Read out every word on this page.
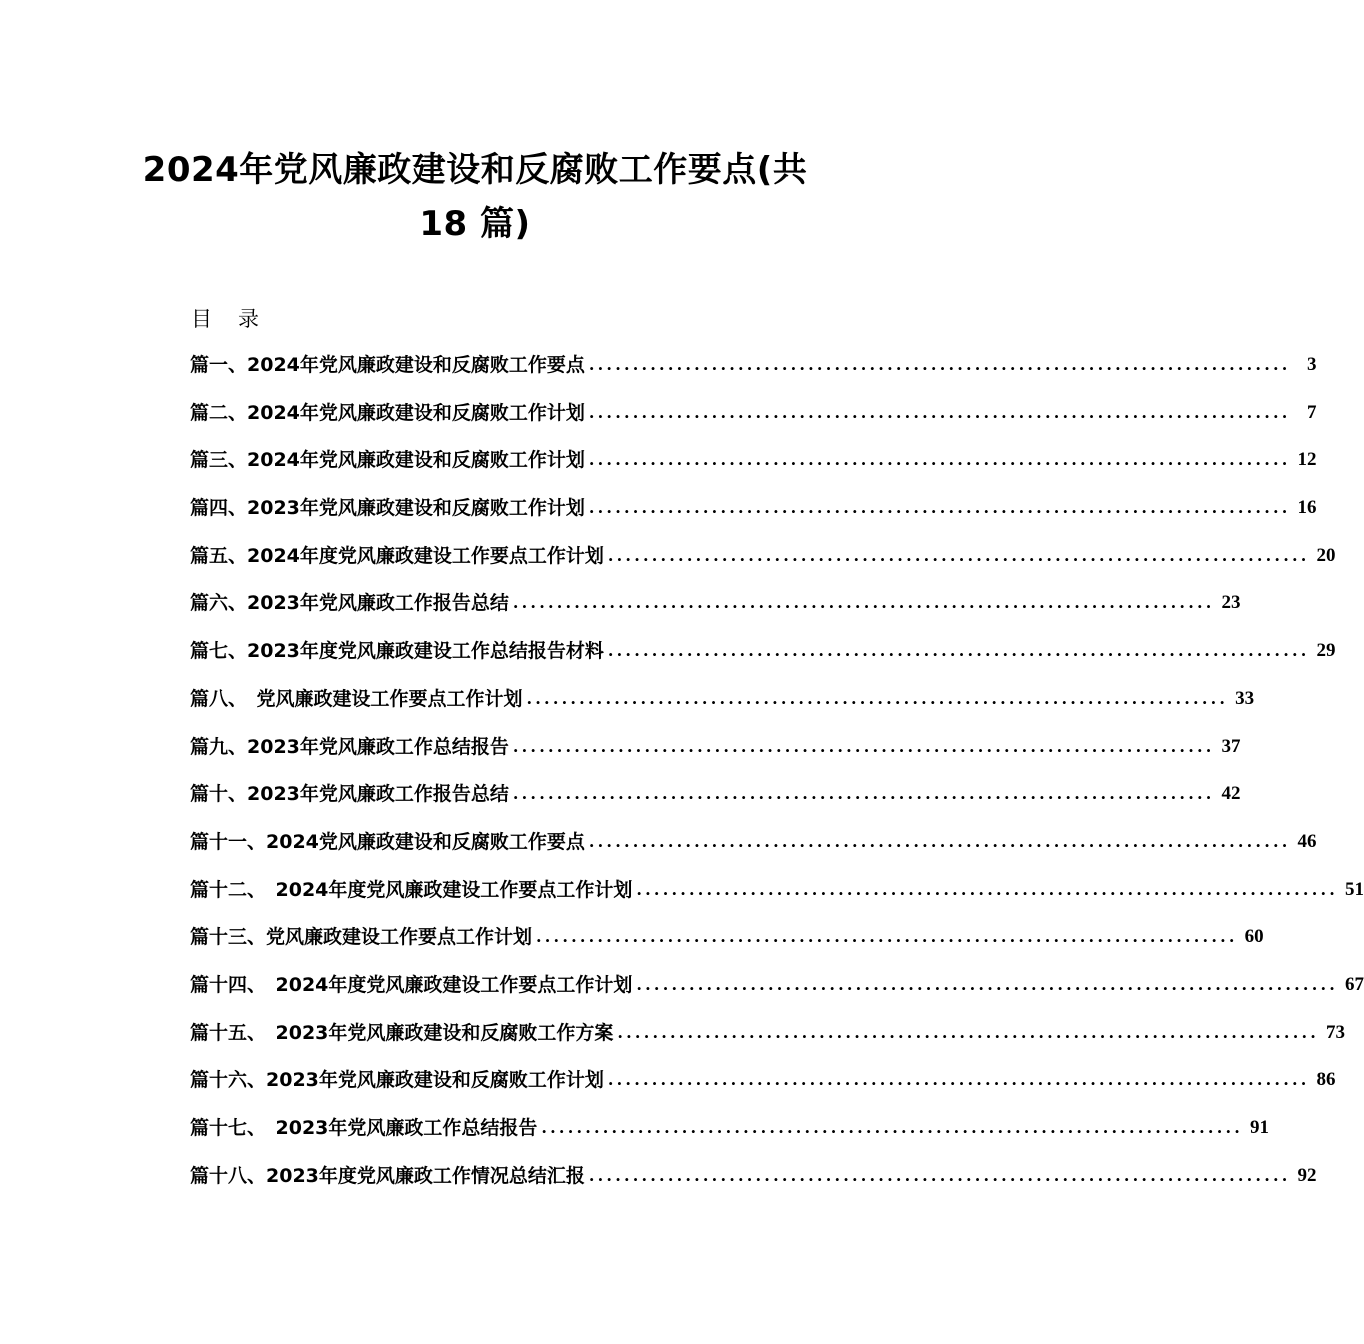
2024年党风廉政建设和反腐败工作要点(共
18 篇)
目录
篇一、2024年党风廉政建设和反腐败工作要点 ................................................................................ 3
篇二、2024年党风廉政建设和反腐败工作计划 ................................................................................ 7
篇三、2024年党风廉政建设和反腐败工作计划 ................................................................................ 12
篇四、2023年党风廉政建设和反腐败工作计划 ................................................................................ 16
篇五、2024年度党风廉政建设工作要点工作计划 ................................................................................ 20
篇六、2023年党风廉政工作报告总结 ................................................................................ 23
篇七、2023年度党风廉政建设工作总结报告材料 ................................................................................ 29
篇八、　党风廉政建设工作要点工作计划 ................................................................................ 33
篇九、2023年党风廉政工作总结报告 ................................................................................ 37
篇十、2023年党风廉政工作报告总结 ................................................................................ 42
篇十一、2024党风廉政建设和反腐败工作要点 ................................................................................ 46
篇十二、　2024年度党风廉政建设工作要点工作计划 ................................................................................ 51
篇十三、党风廉政建设工作要点工作计划 ................................................................................ 60
篇十四、　2024年度党风廉政建设工作要点工作计划 ................................................................................ 67
篇十五、　2023年党风廉政建设和反腐败工作方案 ................................................................................ 73
篇十六、2023年党风廉政建设和反腐败工作计划 ................................................................................ 86
篇十七、　2023年党风廉政工作总结报告 ................................................................................ 91
篇十八、2023年度党风廉政工作情况总结汇报 ................................................................................ 92
